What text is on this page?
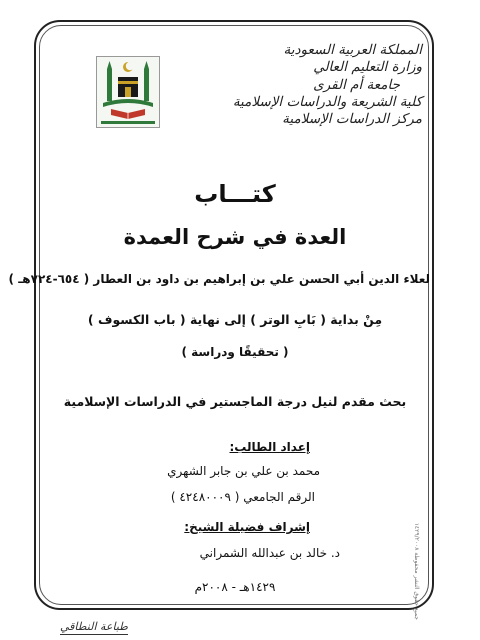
المملكة العربية السعودية
وزارة التعليم العالي
جامعة أم القرى
كلية الشريعة والدراسات الإسلامية
مركز الدراسات الإسلامية
كتـــاب
العدة في شرح العمدة
لعلاء الدين أبي الحسن علي بن إبراهيم بن داود بن العطار ( ٦٥٤-٧٢٤هـ )
مِنْ بداية ( بَابِ الوتر ) إلى نهاية ( باب الكسوف )
( تحقيقًا ودراسة )
بحث مقدم لنيل درجة الماجستير في الدراسات الإسلامية
إعداد الطالب:
محمد بن علي بن جابر الشهري
الرقم الجامعي ( ٤٢٤٨٠٠٠٩ )
إشراف فضيلة الشيخ:
د. خالد بن عبدالله الشمراني
١٤٢٩هـ - ٢٠٠٨م
طباعة النطاقي
جميع حقوق النشر محفوظة ١٤٢٩/٢٠٠٨
